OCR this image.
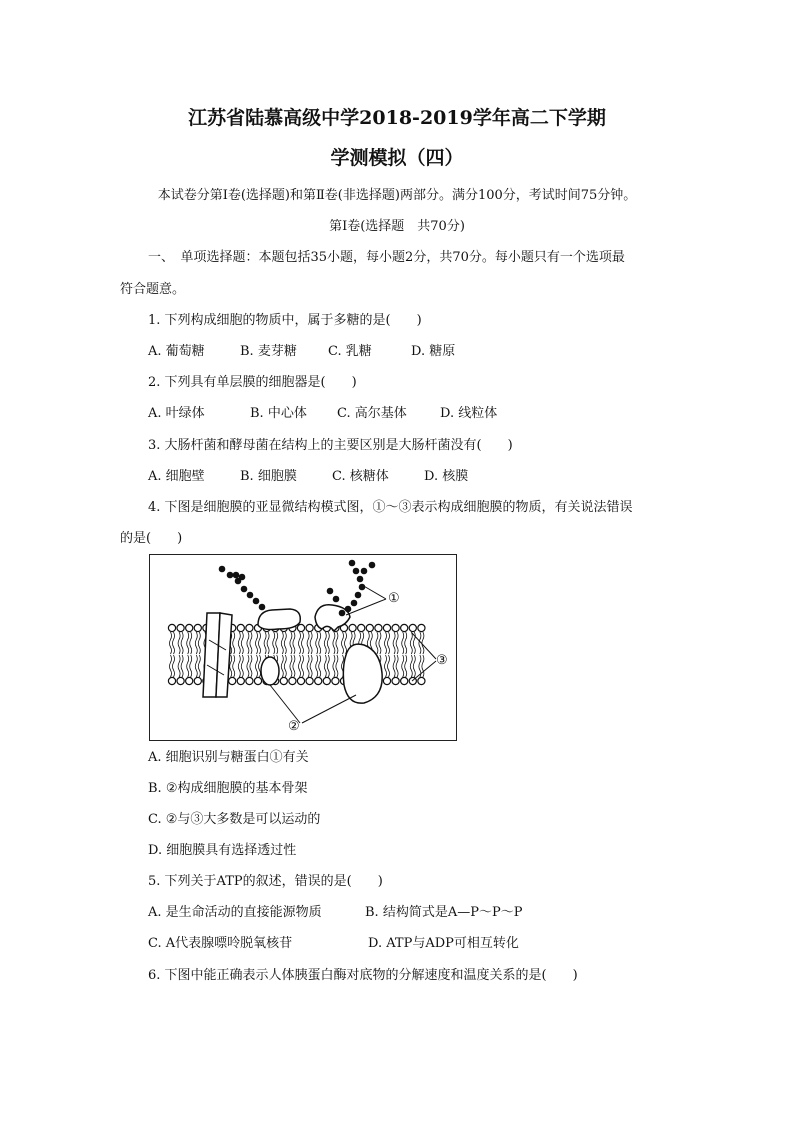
江苏省陆慕高级中学2018-2019学年高二下学期
学测模拟（四）
本试卷分第Ⅰ卷(选择题)和第Ⅱ卷(非选择题)两部分。满分100分，考试时间75分钟。
第Ⅰ卷(选择题　共70分)
一、　单项选择题：本题包括35小题，每小题2分，共70分。每小题只有一个选项最
符合题意。
1. 下列构成细胞的物质中，属于多糖的是(　　)
A. 葡萄糖	B. 麦芽糖 C. 乳糖	D. 糖原
2. 下列具有单层膜的细胞器是(　　)
A. 叶绿体	B. 中心体 C. 高尔基体	D. 线粒体
3. 大肠杆菌和酵母菌在结构上的主要区别是大肠杆菌没有(　　)
A. 细胞壁	B. 细胞膜	C. 核糖体	D. 核膜
4. 下图是细胞膜的亚显微结构模式图，①～③表示构成细胞膜的物质，有关说法错误
的是(　　)
①
②
③
A. 细胞识别与糖蛋白①有关
B. ②构成细胞膜的基本骨架
C. ②与③大多数是可以运动的
D. 细胞膜具有选择透过性
5. 下列关于ATP的叙述，错误的是(　　)
A. 是生命活动的直接能源物质	B. 结构简式是A—P～P～P
C. A代表腺嘌呤脱氧核苷	D. ATP与ADP可相互转化
6. 下图中能正确表示人体胰蛋白酶对底物的分解速度和温度关系的是(　　)
